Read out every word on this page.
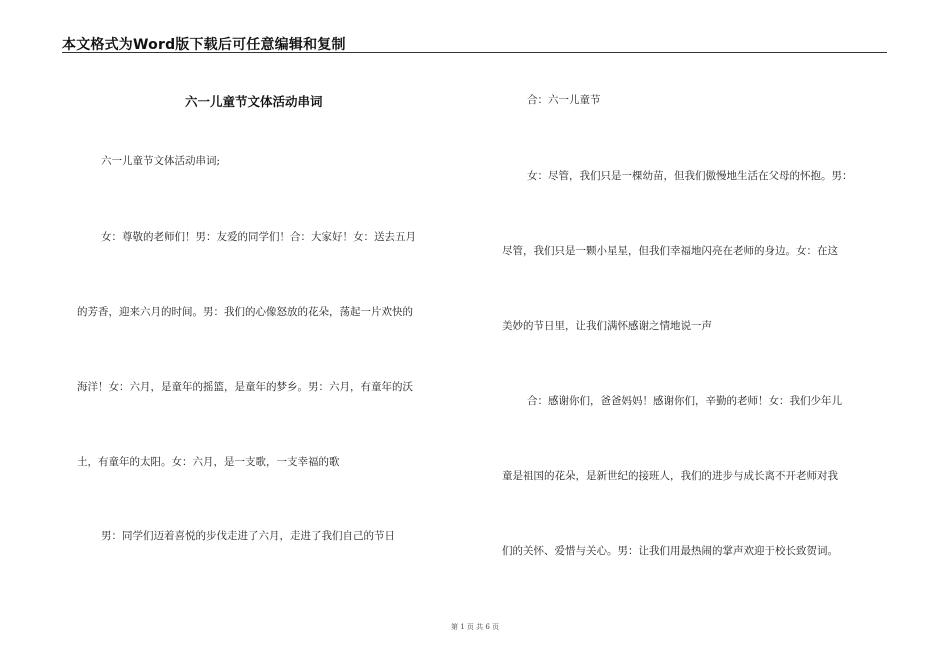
本文格式为Word版下载后可任意编辑和复制
六一儿童节文体活动串词
六一儿童节文体活动串词;
女：尊敬的老师们！男：友爱的同学们！合：大家好！女：送去五月
的芳香，迎来六月的时间。男：我们的心像怒放的花朵，荡起一片欢快的
海洋！女：六月，是童年的摇篮，是童年的梦乡。男：六月，有童年的沃
土，有童年的太阳。女：六月，是一支歌，一支幸福的歌
男：同学们迈着喜悦的步伐走进了六月，走进了我们自己的节日
合：六一儿童节
女：尽管，我们只是一棵幼苗，但我们傲慢地生活在父母的怀抱。男：
尽管，我们只是一颗小星星，但我们幸福地闪亮在老师的身边。女：在这
美妙的节日里，让我们满怀感谢之情地说一声
合：感谢你们，爸爸妈妈！感谢你们，辛勤的老师！女：我们少年儿
童是祖国的花朵，是新世纪的接班人，我们的进步与成长离不开老师对我
们的关怀、爱惜与关心。男：让我们用最热闹的掌声欢迎于校长致贺词。
第 1 页 共 6 页
